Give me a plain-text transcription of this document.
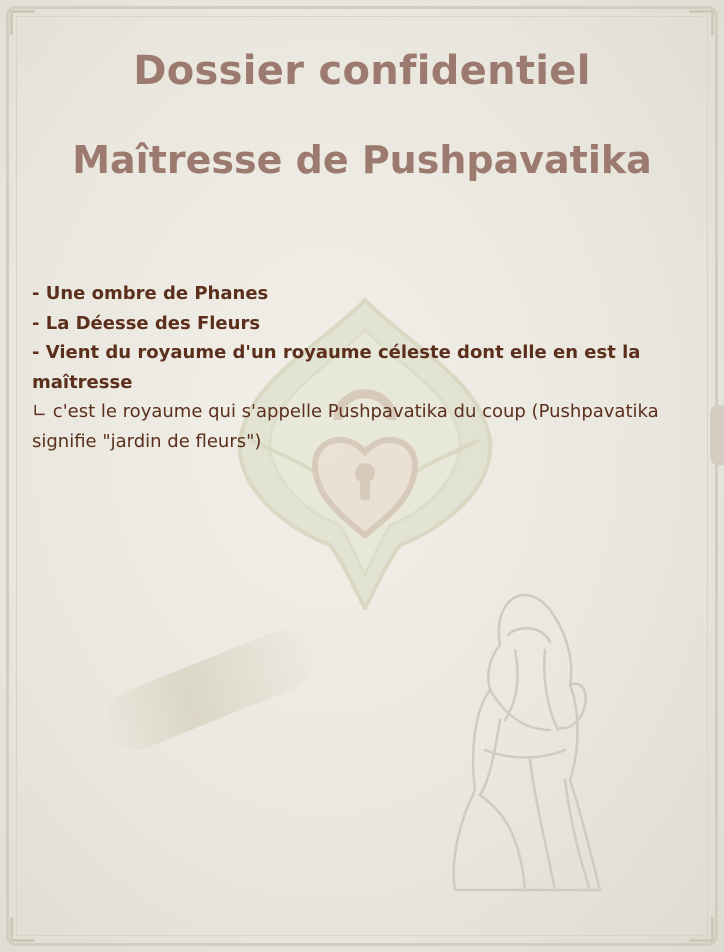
Dossier confidentiel
Maîtresse de Pushpavatika
- Une ombre de Phanes
- La Déesse des Fleurs
- Vient du royaume d'un royaume céleste dont elle en est la maîtresse
∟ c'est le royaume qui s'appelle Pushpavatika du coup (Pushpavatika signifie "jardin de fleurs")
